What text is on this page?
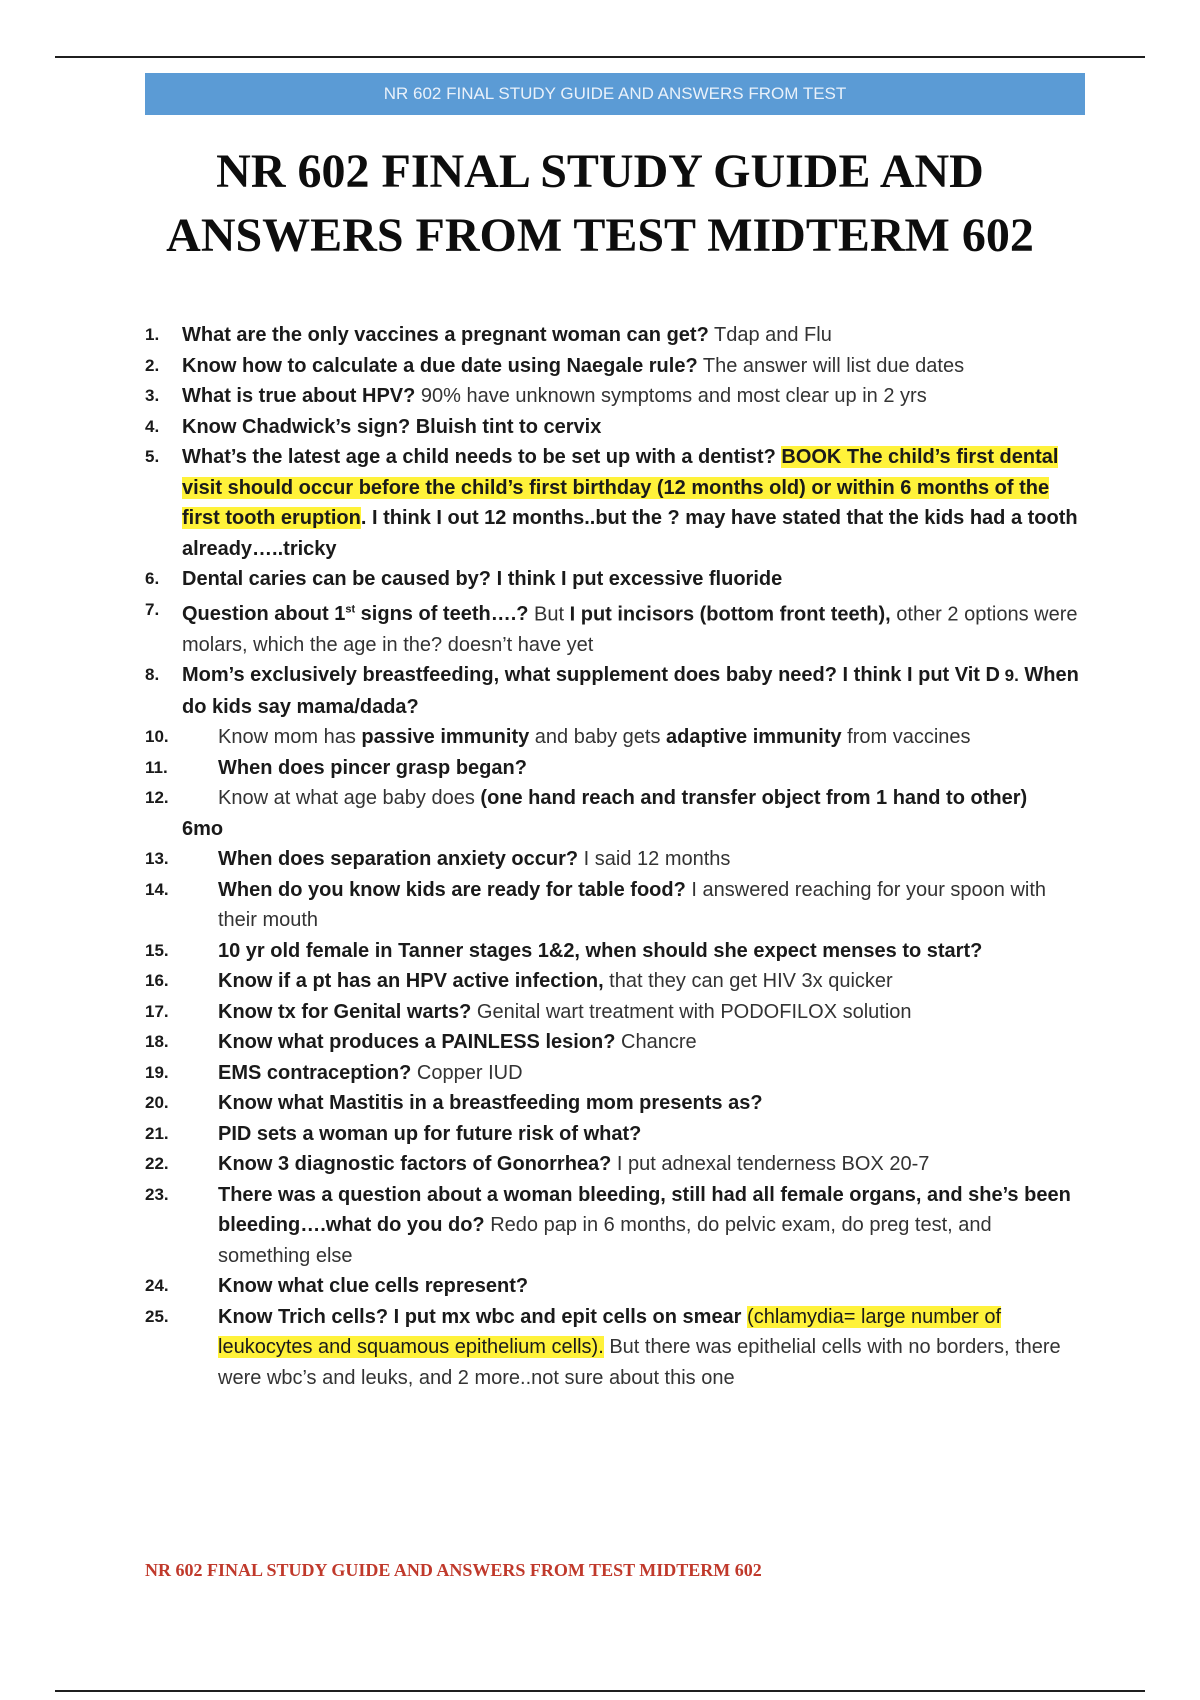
NR 602 FINAL STUDY GUIDE AND ANSWERS FROM TEST
NR 602 FINAL STUDY GUIDE AND
ANSWERS FROM TEST MIDTERM 602
1. What are the only vaccines a pregnant woman can get? Tdap and Flu
2. Know how to calculate a due date using Naegale rule? The answer will list due dates
3. What is true about HPV? 90% have unknown symptoms and most clear up in 2 yrs
4. Know Chadwick’s sign? Bluish tint to cervix
5. What’s the latest age a child needs to be set up with a dentist? BOOK The child’s first dental visit should occur before the child’s first birthday (12 months old) or within 6 months of the first tooth eruption. I think I out 12 months..but the ? may have stated that the kids had a tooth already…..tricky
6. Dental caries can be caused by? I think I put excessive fluoride
7. Question about 1st signs of teeth….? But I put incisors (bottom front teeth), other 2 options were molars, which the age in the? doesn’t have yet
8. Mom’s exclusively breastfeeding, what supplement does baby need? I think I put Vit D 9. When do kids say mama/dada?
10. Know mom has passive immunity and baby gets adaptive immunity from vaccines
11.	When does pincer grasp began?
12. Know at what age baby does (one hand reach and transfer object from 1 hand to other)
6mo
13. When does separation anxiety occur? I said 12 months
14. When do you know kids are ready for table food? I answered reaching for your spoon with their mouth
15. 10 yr old female in Tanner stages 1&2, when should she expect menses to start?
16. Know if a pt has an HPV active infection, that they can get HIV 3x quicker
17. Know tx for Genital warts? Genital wart treatment with PODOFILOX solution
18. Know what produces a PAINLESS lesion? Chancre
19. EMS contraception? Copper IUD
20. Know what Mastitis in a breastfeeding mom presents as?
21. PID sets a woman up for future risk of what?
22. Know 3 diagnostic factors of Gonorrhea? I put adnexal tenderness BOX 20-7
23. There was a question about a woman bleeding, still had all female organs, and she’s been bleeding….what do you do? Redo pap in 6 months, do pelvic exam, do preg test, and something else
24. Know what clue cells represent?
25. Know Trich cells? I put mx wbc and epit cells on smear (chlamydia= large number of leukocytes and squamous epithelium cells). But there was epithelial cells with no borders, there were wbc’s and leuks, and 2 more..not sure about this one
NR 602 FINAL STUDY GUIDE AND ANSWERS FROM TEST MIDTERM 602
